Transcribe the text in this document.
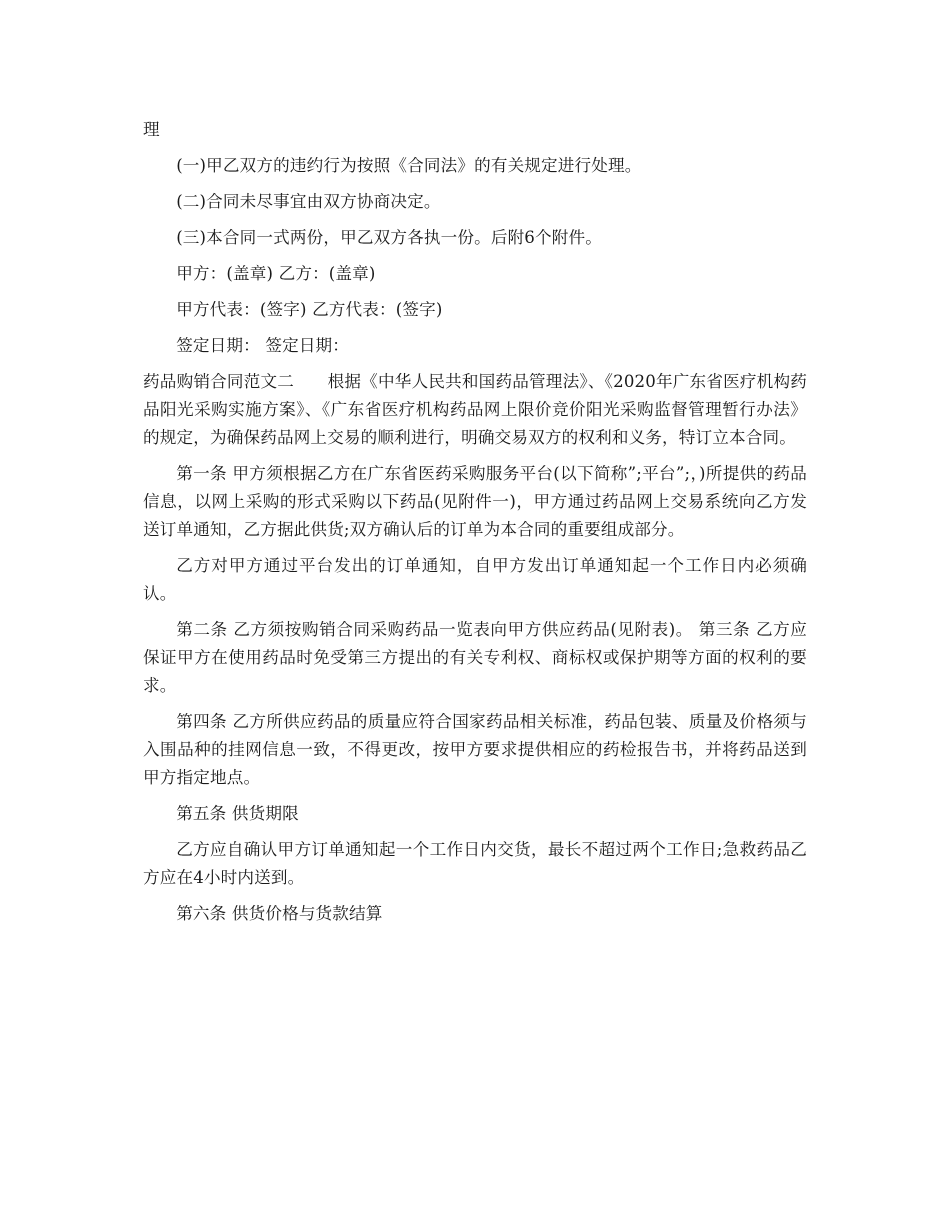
理

(一)甲乙双方的违约行为按照《合同法》的有关规定进行处理。

(二)合同未尽事宜由双方协商决定。

(三)本合同一式两份，甲乙双方各执一份。后附6个附件。

甲方：(盖章) 乙方：(盖章)

甲方代表：(签字) 乙方代表：(签字)

签定日期： 签定日期：

药品购销合同范文二　　根据《中华人民共和国药品管理法》、《2020年广东省医疗机构药品阳光采购实施方案》、《广东省医疗机构药品网上限价竞价阳光采购监督管理暂行办法》的规定，为确保药品网上交易的顺利进行，明确交易双方的权利和义务，特订立本合同。

第一条 甲方须根据乙方在广东省医药采购服务平台(以下简称”;平台”;，)所提供的药品信息，以网上采购的形式采购以下药品(见附件一)，甲方通过药品网上交易系统向乙方发送订单通知，乙方据此供货;双方确认后的订单为本合同的重要组成部分。

乙方对甲方通过平台发出的订单通知，自甲方发出订单通知起一个工作日内必须确认。

第二条 乙方须按购销合同采购药品一览表向甲方供应药品(见附表)。 第三条 乙方应保证甲方在使用药品时免受第三方提出的有关专利权、商标权或保护期等方面的权利的要求。

第四条 乙方所供应药品的质量应符合国家药品相关标准，药品包装、质量及价格须与入围品种的挂网信息一致，不得更改，按甲方要求提供相应的药检报告书，并将药品送到甲方指定地点。

第五条 供货期限

乙方应自确认甲方订单通知起一个工作日内交货，最长不超过两个工作日;急救药品乙方应在4小时内送到。

第六条 供货价格与货款结算
